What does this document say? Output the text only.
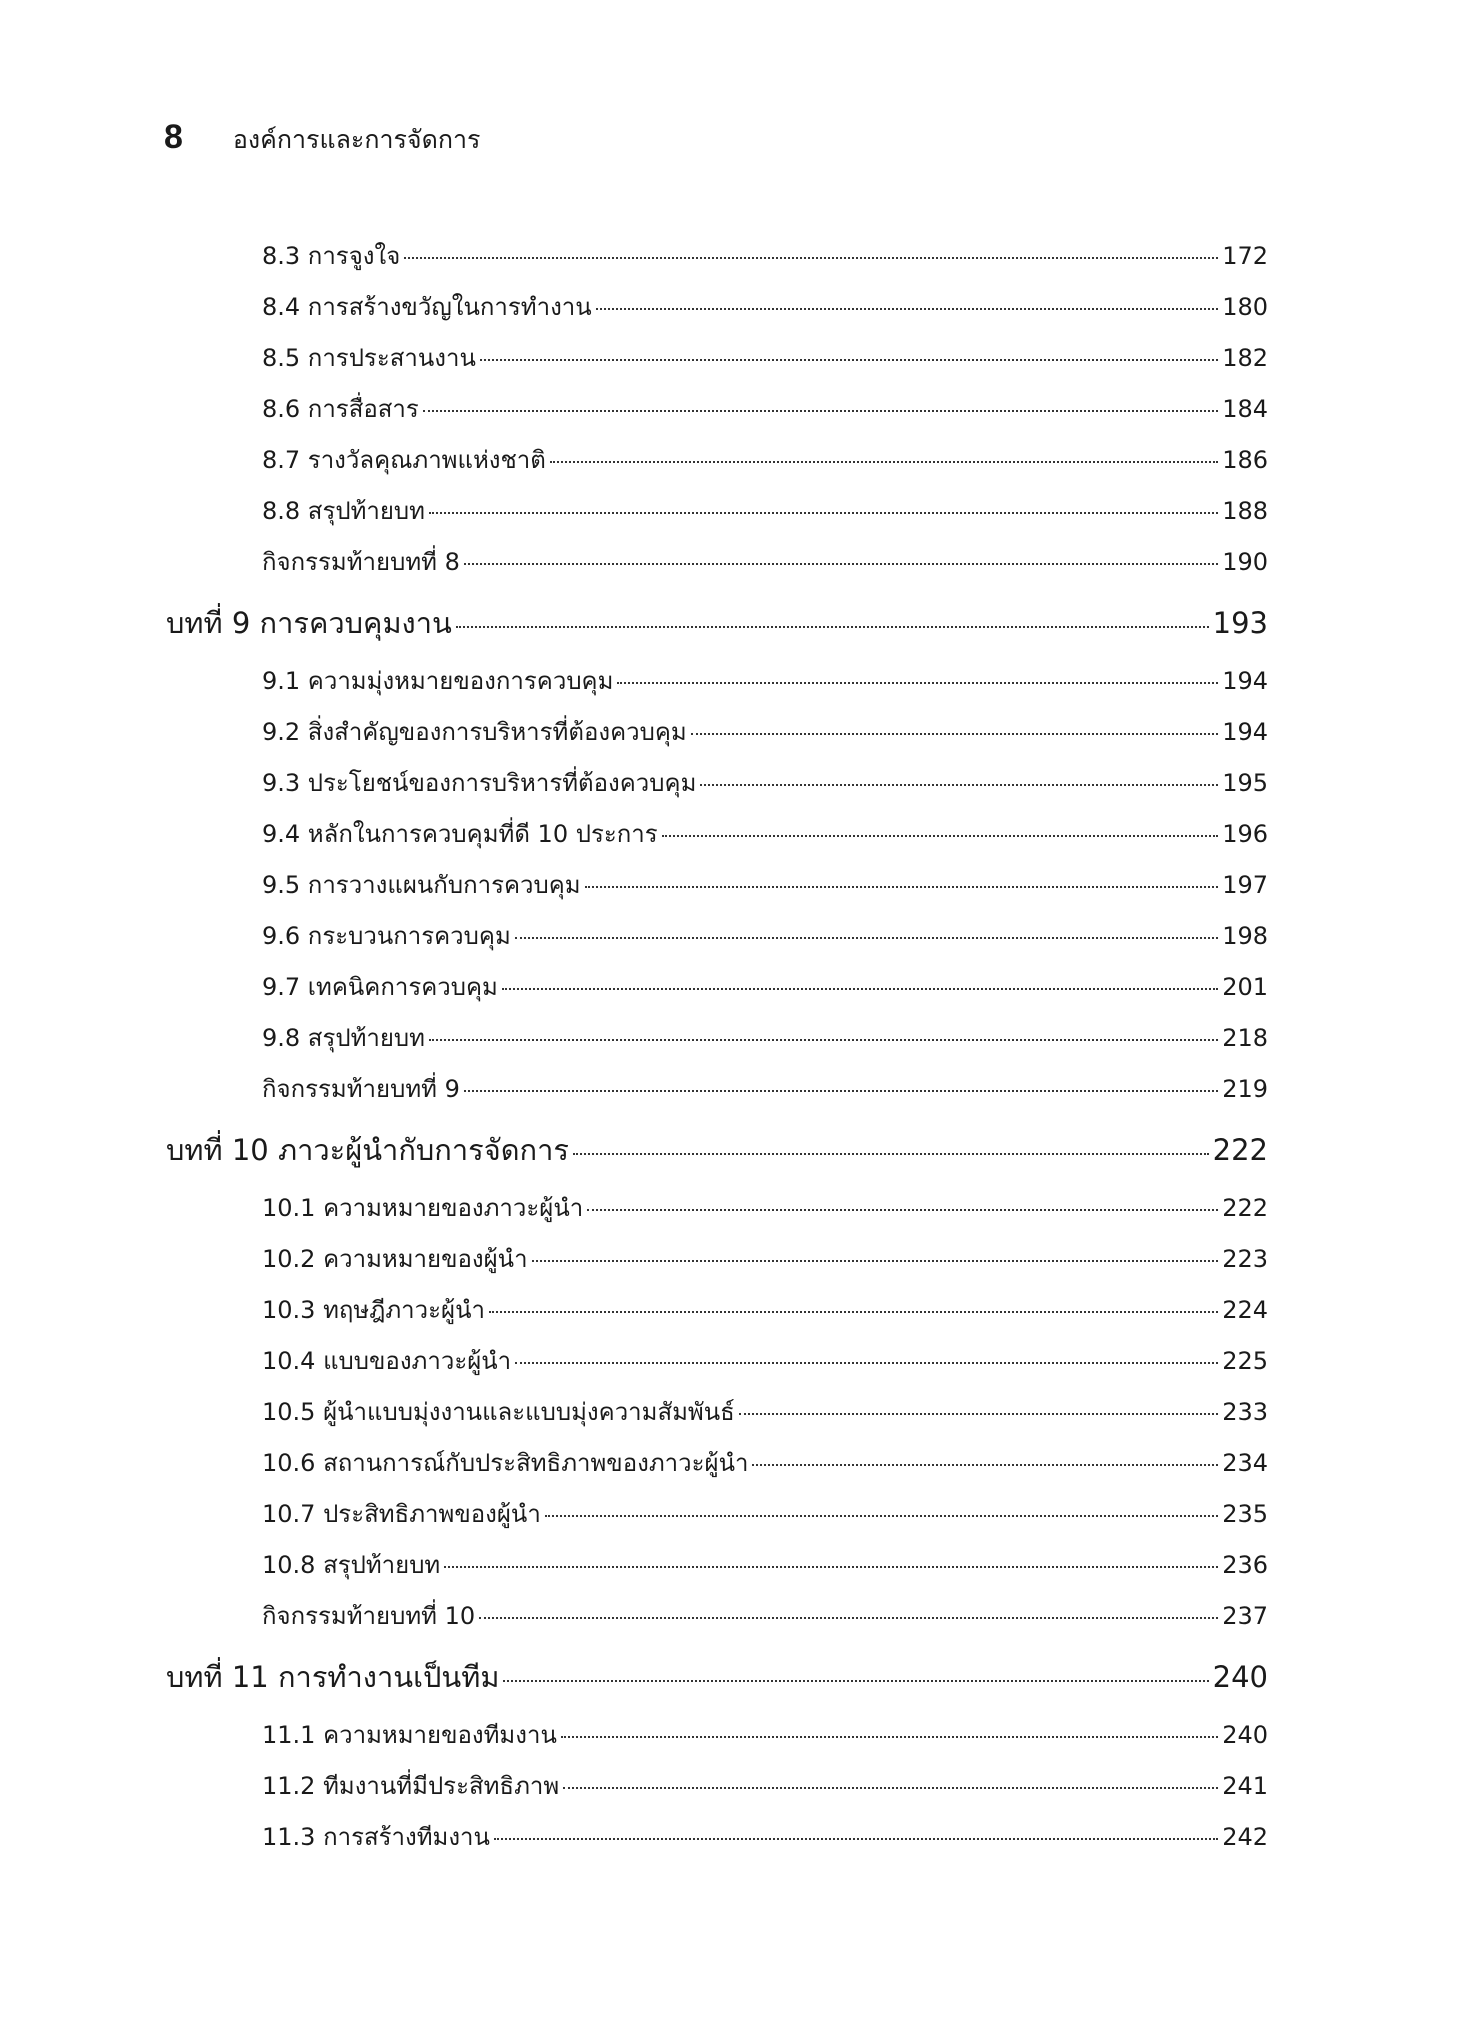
8 องค์การและการจัดการ
8.3 การจูงใจ	172
8.4 การสร้างขวัญในการทำงาน	180
8.5 การประสานงาน	182
8.6 การสื่อสาร	184
8.7 รางวัลคุณภาพแห่งชาติ	186
8.8 สรุปท้ายบท	188
กิจกรรมท้ายบทที่ 8	190
บทที่ 9 การควบคุมงาน	193
9.1 ความมุ่งหมายของการควบคุม	194
9.2 สิ่งสำคัญของการบริหารที่ต้องควบคุม	194
9.3 ประโยชน์ของการบริหารที่ต้องควบคุม	195
9.4 หลักในการควบคุมที่ดี 10 ประการ	196
9.5 การวางแผนกับการควบคุม	197
9.6 กระบวนการควบคุม	198
9.7 เทคนิคการควบคุม	201
9.8 สรุปท้ายบท	218
กิจกรรมท้ายบทที่ 9	219
บทที่ 10 ภาวะผู้นำกับการจัดการ	222
10.1 ความหมายของภาวะผู้นำ	222
10.2 ความหมายของผู้นำ	223
10.3 ทฤษฎีภาวะผู้นำ	224
10.4 แบบของภาวะผู้นำ	225
10.5 ผู้นำแบบมุ่งงานและแบบมุ่งความสัมพันธ์	233
10.6 สถานการณ์กับประสิทธิภาพของภาวะผู้นำ	234
10.7 ประสิทธิภาพของผู้นำ	235
10.8 สรุปท้ายบท	236
กิจกรรมท้ายบทที่ 10	237
บทที่ 11 การทำงานเป็นทีม	240
11.1 ความหมายของทีมงาน	240
11.2 ทีมงานที่มีประสิทธิภาพ	241
11.3 การสร้างทีมงาน	242
